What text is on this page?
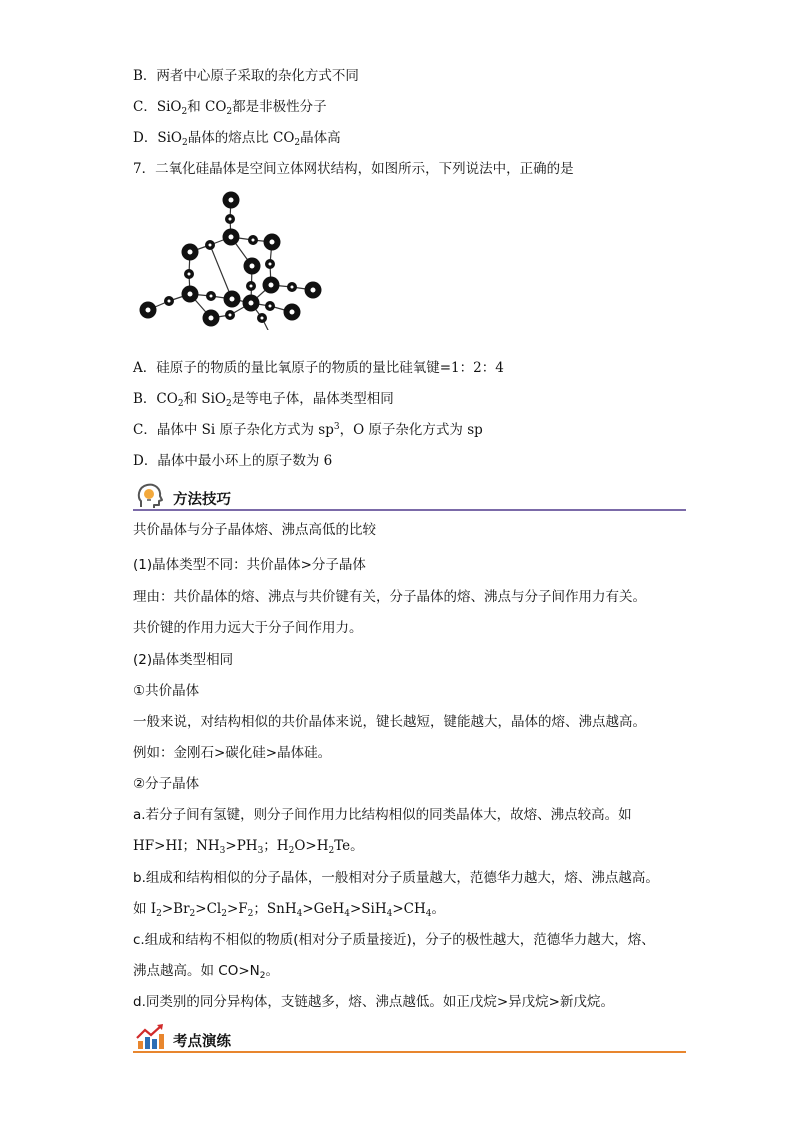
B．两者中心原子采取的杂化方式不同
C．SiO$_2$和 $CO_2$都是非极性分子
D．SiO$_2$晶体的熔点比 $CO_2$晶体高
7．二氧化硅晶体是空间立体网状结构，如图所示，下列说法中，正确的是
A．硅原子的物质的量比氧原子的物质的量比硅氧键=1：2：4
B．$CO_2$和 SiO$_2$是等电子体，晶体类型相同
C．晶体中 Si 原子杂化方式为 $sp^3$，O 原子杂化方式为 sp
D．晶体中最小环上的原子数为 6
方法技巧
共价晶体与分子晶体熔、沸点高低的比较
(1)晶体类型不同：共价晶体>分子晶体
理由：共价晶体的熔、沸点与共价键有关，分子晶体的熔、沸点与分子间作用力有关。
共价键的作用力远大于分子间作用力。
(2)晶体类型相同
①共价晶体
一般来说，对结构相似的共价晶体来说，键长越短，键能越大，晶体的熔、沸点越高。
例如：金刚石>碳化硅>晶体硅。
②分子晶体
a.若分子间有氢键，则分子间作用力比结构相似的同类晶体大，故熔、沸点较高。如
HF>HI；$NH_3>PH_3$；$H_2O>H_2Te$。
b.组成和结构相似的分子晶体，一般相对分子质量越大，范德华力越大，熔、沸点越高。
如 $I_2>Br_2>Cl_2>F_2$；$SnH_4>GeH_4>SiH_4>CH_4$。
c.组成和结构不相似的物质(相对分子质量接近)，分子的极性越大，范德华力越大，熔、
沸点越高。如 $CO>N_2$。
d.同类别的同分异构体，支链越多，熔、沸点越低。如正戊烷>异戊烷>新戊烷。
考点演练
